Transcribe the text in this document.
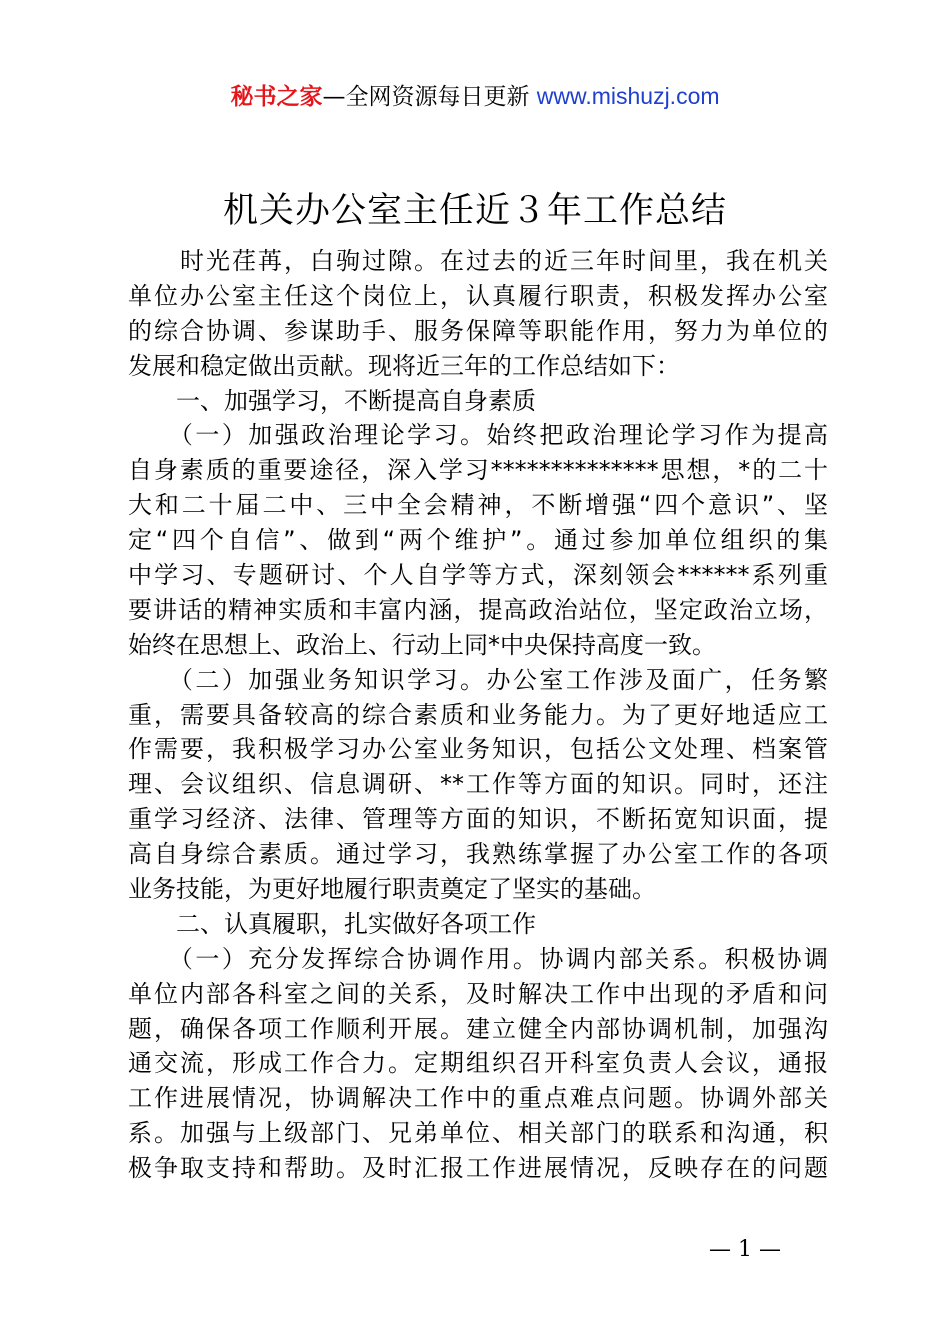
秘书之家—全网资源每日更新 www.mishuzj.com
机关办公室主任近３年工作总结
　　时光荏苒，白驹过隙。在过去的近三年时间里，我在机关
单位办公室主任这个岗位上，认真履行职责，积极发挥办公室
的综合协调、参谋助手、服务保障等职能作用，努力为单位的
发展和稳定做出贡献。现将近三年的工作总结如下：
　　一、加强学习，不断提高自身素质
　　（一）加强政治理论学习。始终把政治理论学习作为提高
自身素质的重要途径，深入学习**************思想，*的二十
大和二十届二中、三中全会精神，不断增强“四个意识”、坚
定“四个自信”、做到“两个维护”。通过参加单位组织的集
中学习、专题研讨、个人自学等方式，深刻领会******系列重
要讲话的精神实质和丰富内涵，提高政治站位，坚定政治立场，
始终在思想上、政治上、行动上同*中央保持高度一致。
　　（二）加强业务知识学习。办公室工作涉及面广，任务繁
重，需要具备较高的综合素质和业务能力。为了更好地适应工
作需要，我积极学习办公室业务知识，包括公文处理、档案管
理、会议组织、信息调研、**工作等方面的知识。同时，还注
重学习经济、法律、管理等方面的知识，不断拓宽知识面，提
高自身综合素质。通过学习，我熟练掌握了办公室工作的各项
业务技能，为更好地履行职责奠定了坚实的基础。
　　二、认真履职，扎实做好各项工作
　　（一）充分发挥综合协调作用。协调内部关系。积极协调
单位内部各科室之间的关系，及时解决工作中出现的矛盾和问
题，确保各项工作顺利开展。建立健全内部协调机制，加强沟
通交流，形成工作合力。定期组织召开科室负责人会议，通报
工作进展情况，协调解决工作中的重点难点问题。协调外部关
系。加强与上级部门、兄弟单位、相关部门的联系和沟通，积
极争取支持和帮助。及时汇报工作进展情况，反映存在的问题
— 1 —
